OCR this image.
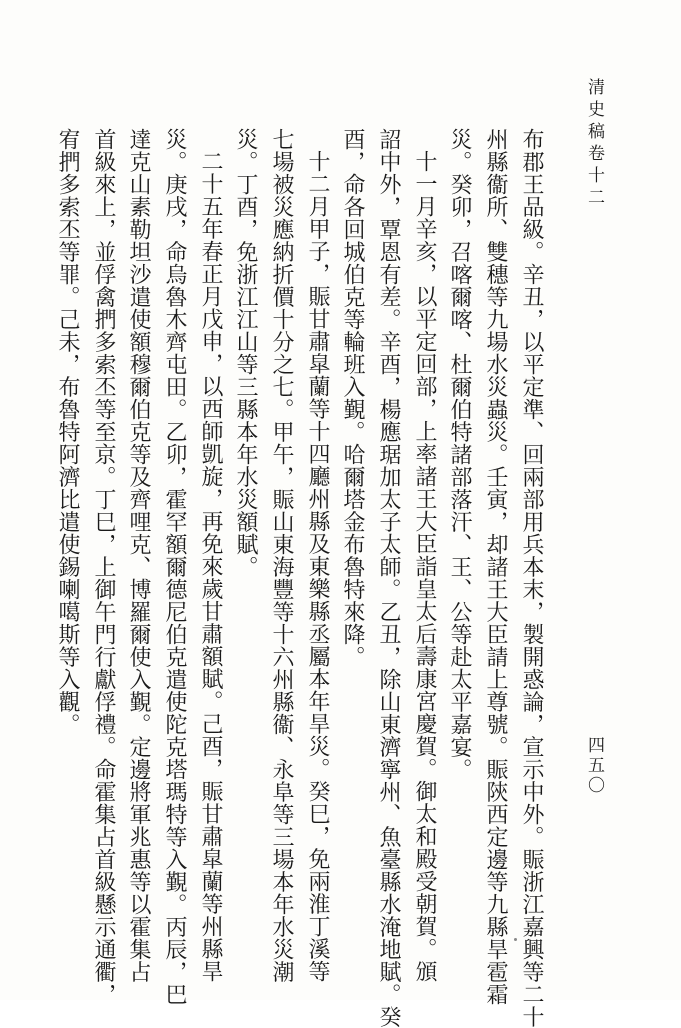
清史稿卷十二
四五〇
布郡王品級。辛丑，以平定準、回兩部用兵本末，製開惑論，宣示中外。賑浙江嘉興等二十
州縣衞所、雙穗等九場水災蟲災。壬寅，却諸王大臣請上尊號。賑陝西定邊等九縣旱雹霜
災。癸卯，召喀爾喀、杜爾伯特諸部落汗、王、公等赴太平嘉宴。
十一月辛亥，以平定回部，上率諸王大臣詣皇太后壽康宮慶賀。御太和殿受朝賀。頒
詔中外，覃恩有差。辛酉，楊應琚加太子太師。乙丑，除山東濟寧州、魚臺縣水淹地賦。癸
酉，命各回城伯克等輪班入覲。哈爾塔金布魯特來降。
十二月甲子，賑甘肅皐蘭等十四廳州縣及東樂縣丞屬本年旱災。癸巳，免兩淮丁溪等
七場被災應納折價十分之七。甲午，賑山東海豐等十六州縣衞、永阜等三場本年水災潮
災。丁酉，免浙江江山等三縣本年水災額賦。
二十五年春正月戊申，以西師凱旋，再免來歲甘肅額賦。己酉，賑甘肅皐蘭等州縣旱
災。庚戌，命烏魯木齊屯田。乙卯，霍罕額爾德尼伯克遣使陀克塔瑪特等入覲。丙辰，巴
達克山素勒坦沙遣使額穆爾伯克等及齊哩克、博羅爾使入覲。定邊將軍兆惠等以霍集占
首級來上，並俘禽捫多索丕等至京。丁巳，上御午門行獻俘禮。命霍集占首級懸示通衢，
宥捫多索丕等罪。己未，布魯特阿濟比遣使錫喇噶斯等入觀。
